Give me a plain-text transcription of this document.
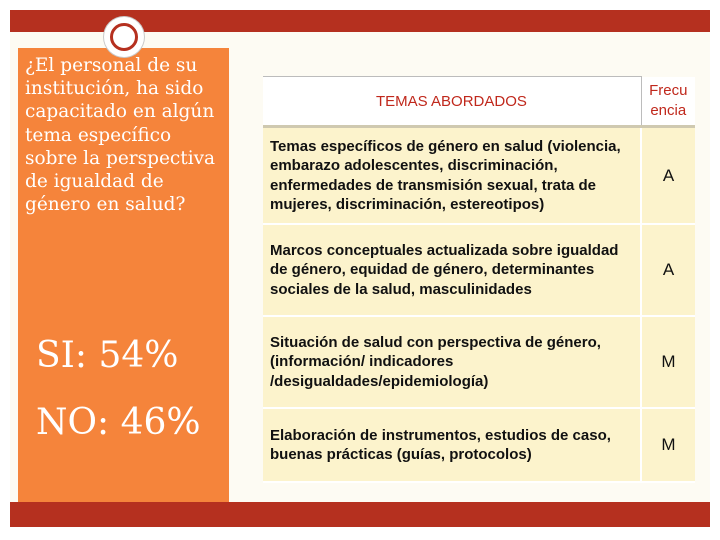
¿El personal de su institución, ha sido capacitado en algún tema específico sobre la perspectiva de igualdad de género en salud?

SI: 54%
NO: 46%
TEMAS ABORDADOS	Frecuencia
Temas específicos de género en salud (violencia, embarazo adolescentes, discriminación, enfermedades de transmisión sexual, trata de mujeres, discriminación, estereotipos)	A
Marcos conceptuales actualizada sobre igualdad de género, equidad de género, determinantes sociales de la salud, masculinidades	A
Situación de salud con perspectiva de género, (información/ indicadores /desigualdades/epidemiología)	M
Elaboración de instrumentos, estudios de caso, buenas prácticas (guías, protocolos)	M
